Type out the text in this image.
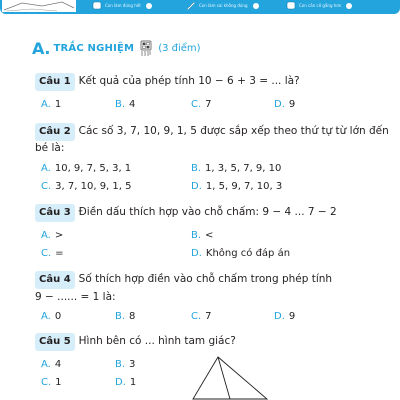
Con làm đúng hết	Con làm sai không đúng	Con cần cố gắng hơn
A . TRẮC NGHIỆM (3 điểm)
Câu 1 Kết quả của phép tính 10 − 6 + 3 = ... là?
A. 1	B. 4	C. 7	D. 9
Câu 2 Các số 3, 7, 10, 9, 1, 5 được sắp xếp theo thứ tự từ lớn đến
bé là:
A. 10, 9, 7, 5, 3, 1	B. 1, 3, 5, 7, 9, 10
C. 3, 7, 10, 9, 1, 5	D. 1, 5, 9, 7, 10, 3
Câu 3 Điền dấu thích hợp vào chỗ chấm: 9 − 4 ... 7 − 2
A. >	B. <
C. =	D. Không có đáp án
Câu 4 Số thích hợp điền vào chỗ chấm trong phép tính
9 − ...... = 1 là:
A. 0	B. 8	C. 7	D. 9
Câu 5 Hình bên có ... hình tam giác?
A. 4	B. 3
C. 1	D. 1
